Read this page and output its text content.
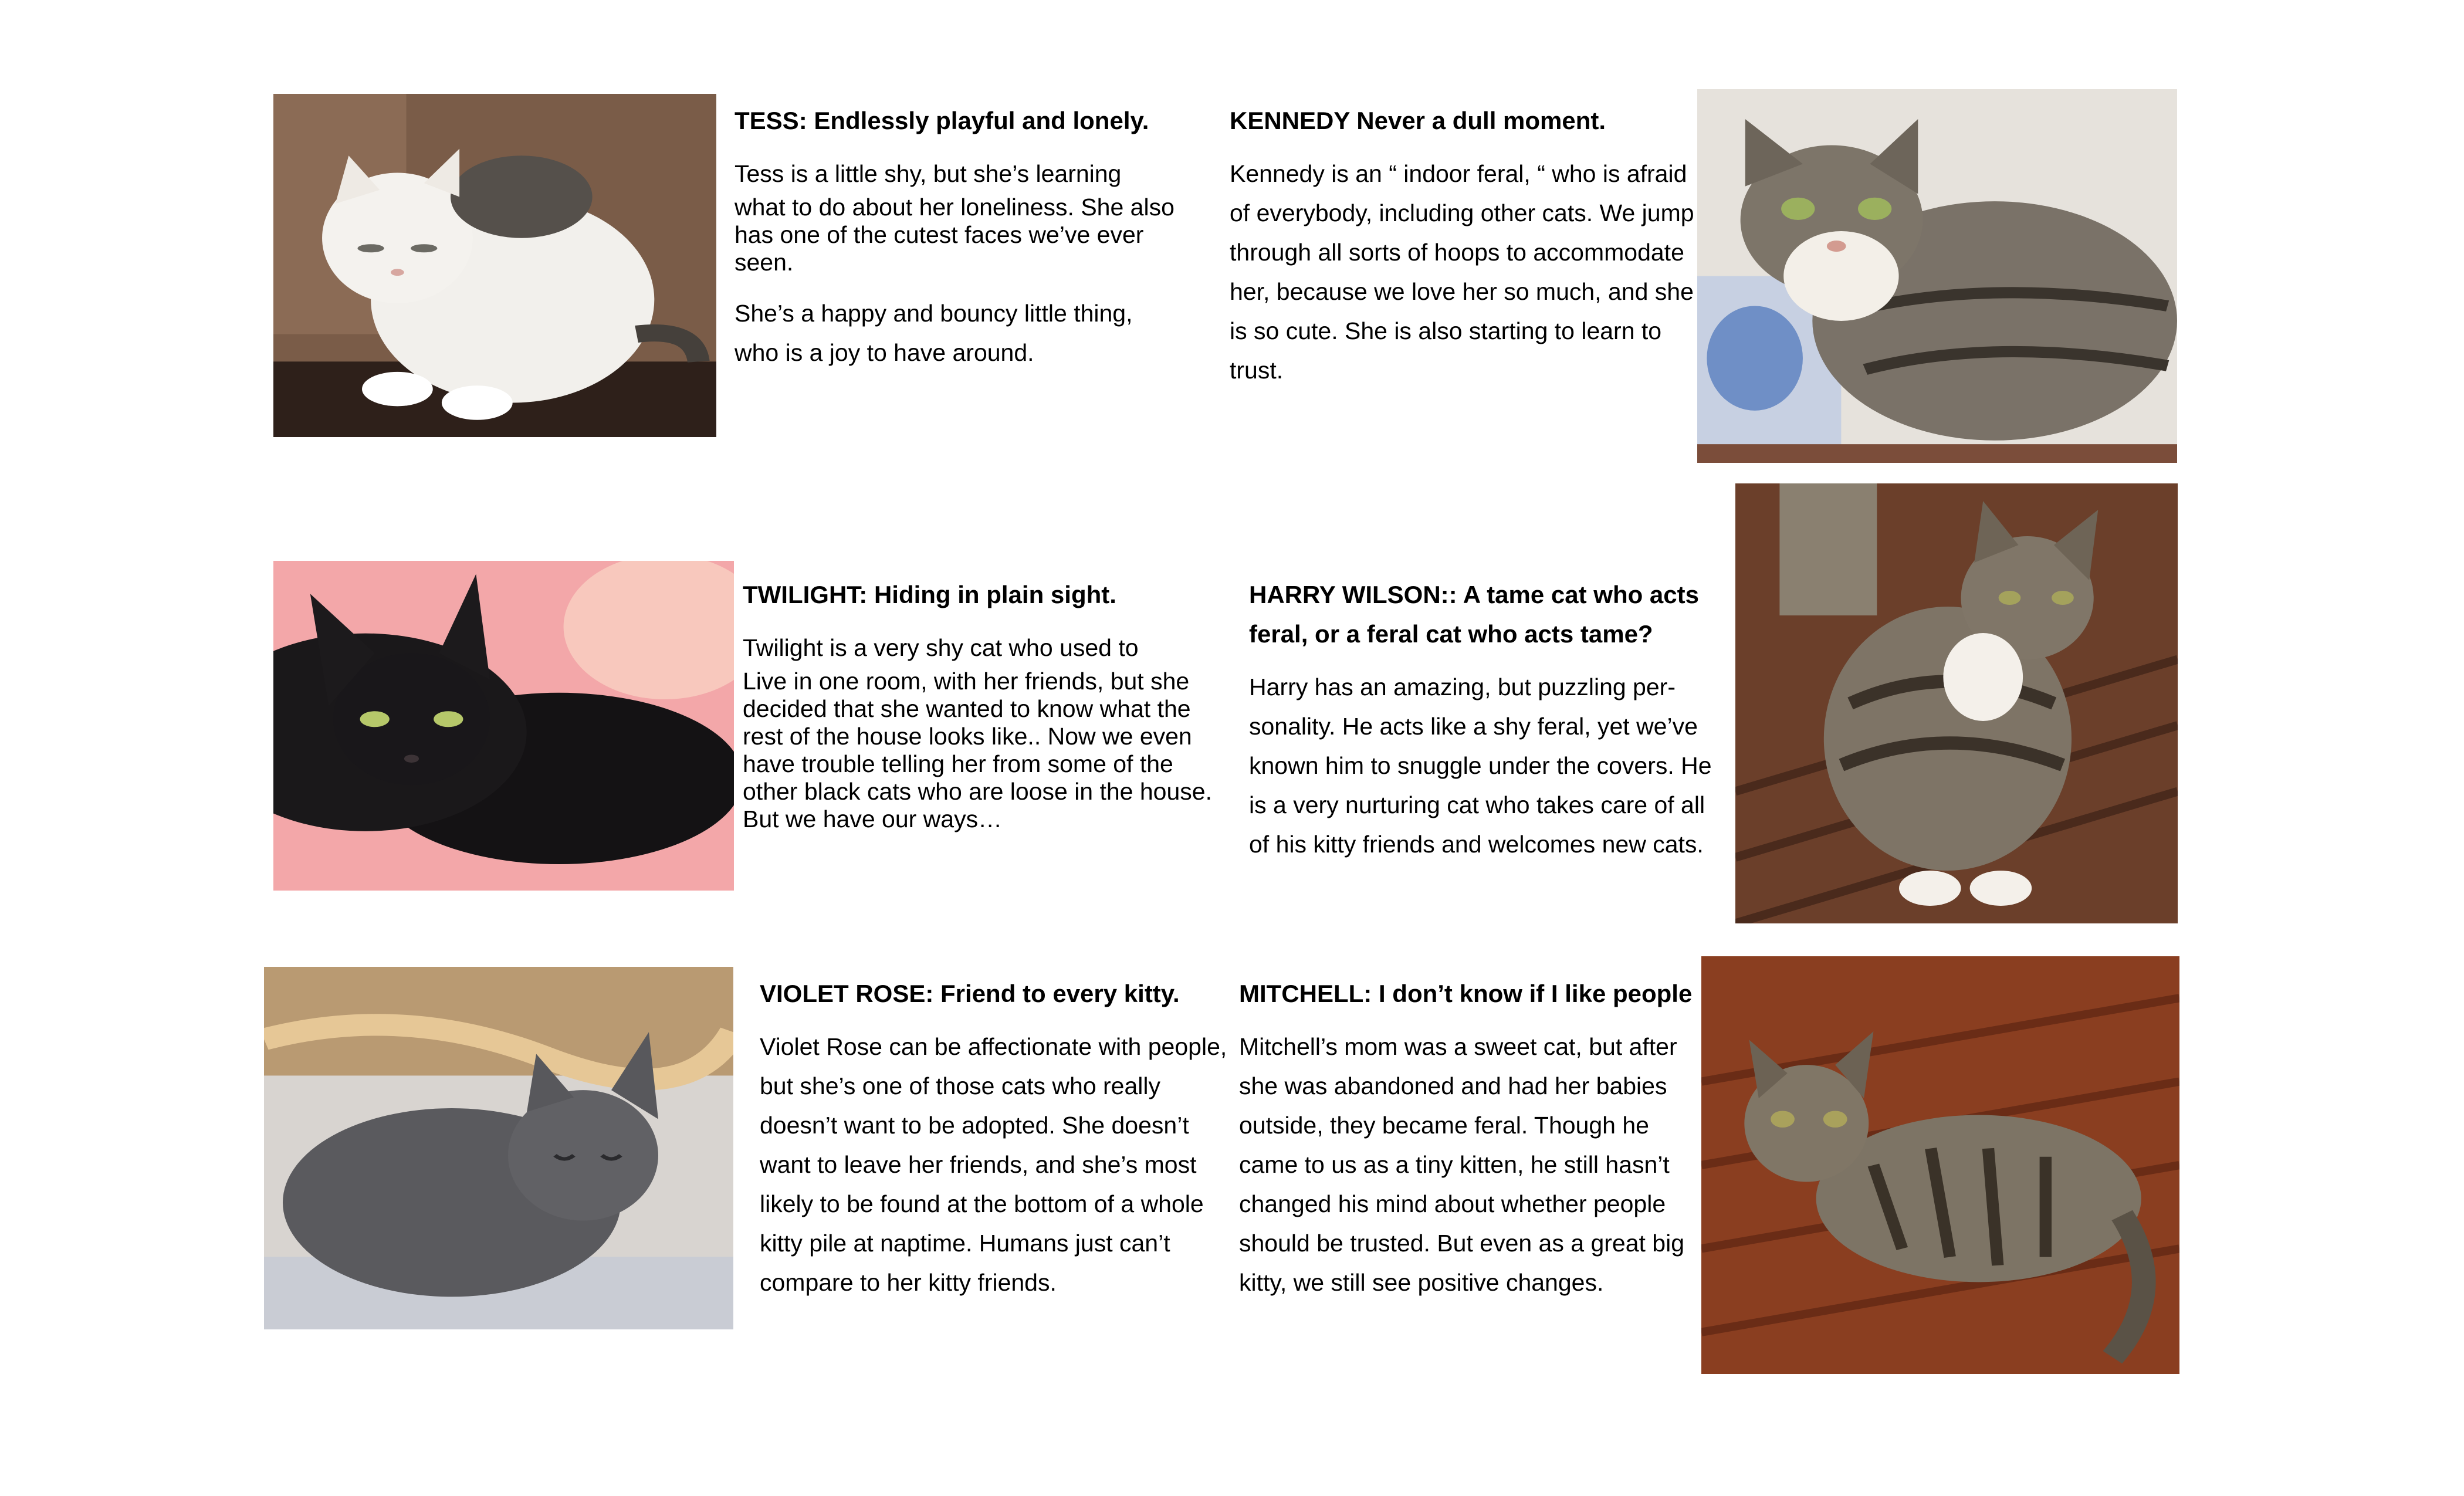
TESS: Endlessly playful and lonely.

Tess is a little shy, but she’s learning

what to do about her loneliness. She also has one of the cutest faces we’ve ever seen.

She’s a happy and bouncy little thing, who is a joy to have around.

KENNEDY Never a dull moment.

Kennedy is an “ indoor feral, “ who is afraid of everybody, including other cats. We jump through all sorts of hoops to accommodate her, because we love her so much, and she is so cute. She is also starting to learn to trust.

TWILIGHT: Hiding in plain sight.

Twilight is a very shy cat who used to

Live in one room, with her friends, but she decided that she wanted to know what the rest of the house looks like.. Now we even have trouble telling her from some of the other black cats who are loose in the house. But we have our ways…

HARRY WILSON:: A tame cat who acts

feral, or a feral cat who acts tame?

Harry has an amazing, but puzzling per-sonality. He acts like a shy feral, yet we’ve known him to snuggle under the covers. He is a very nurturing cat who takes care of all of his kitty friends and welcomes new cats.

VIOLET ROSE: Friend to every kitty.

Violet Rose can be affectionate with people, but she’s one of those cats who really doesn’t want to be adopted. She doesn’t want to leave her friends, and she’s most likely to be found at the bottom of a whole kitty pile at naptime. Humans just can’t compare to her kitty friends.

MITCHELL: I don’t know if I like people

Mitchell’s mom was a sweet cat, but after she was abandoned and had her babies outside, they became feral. Though he came to us as a tiny kitten, he still hasn’t changed his mind about whether people should be trusted. But even as a great big kitty, we still see positive changes.
